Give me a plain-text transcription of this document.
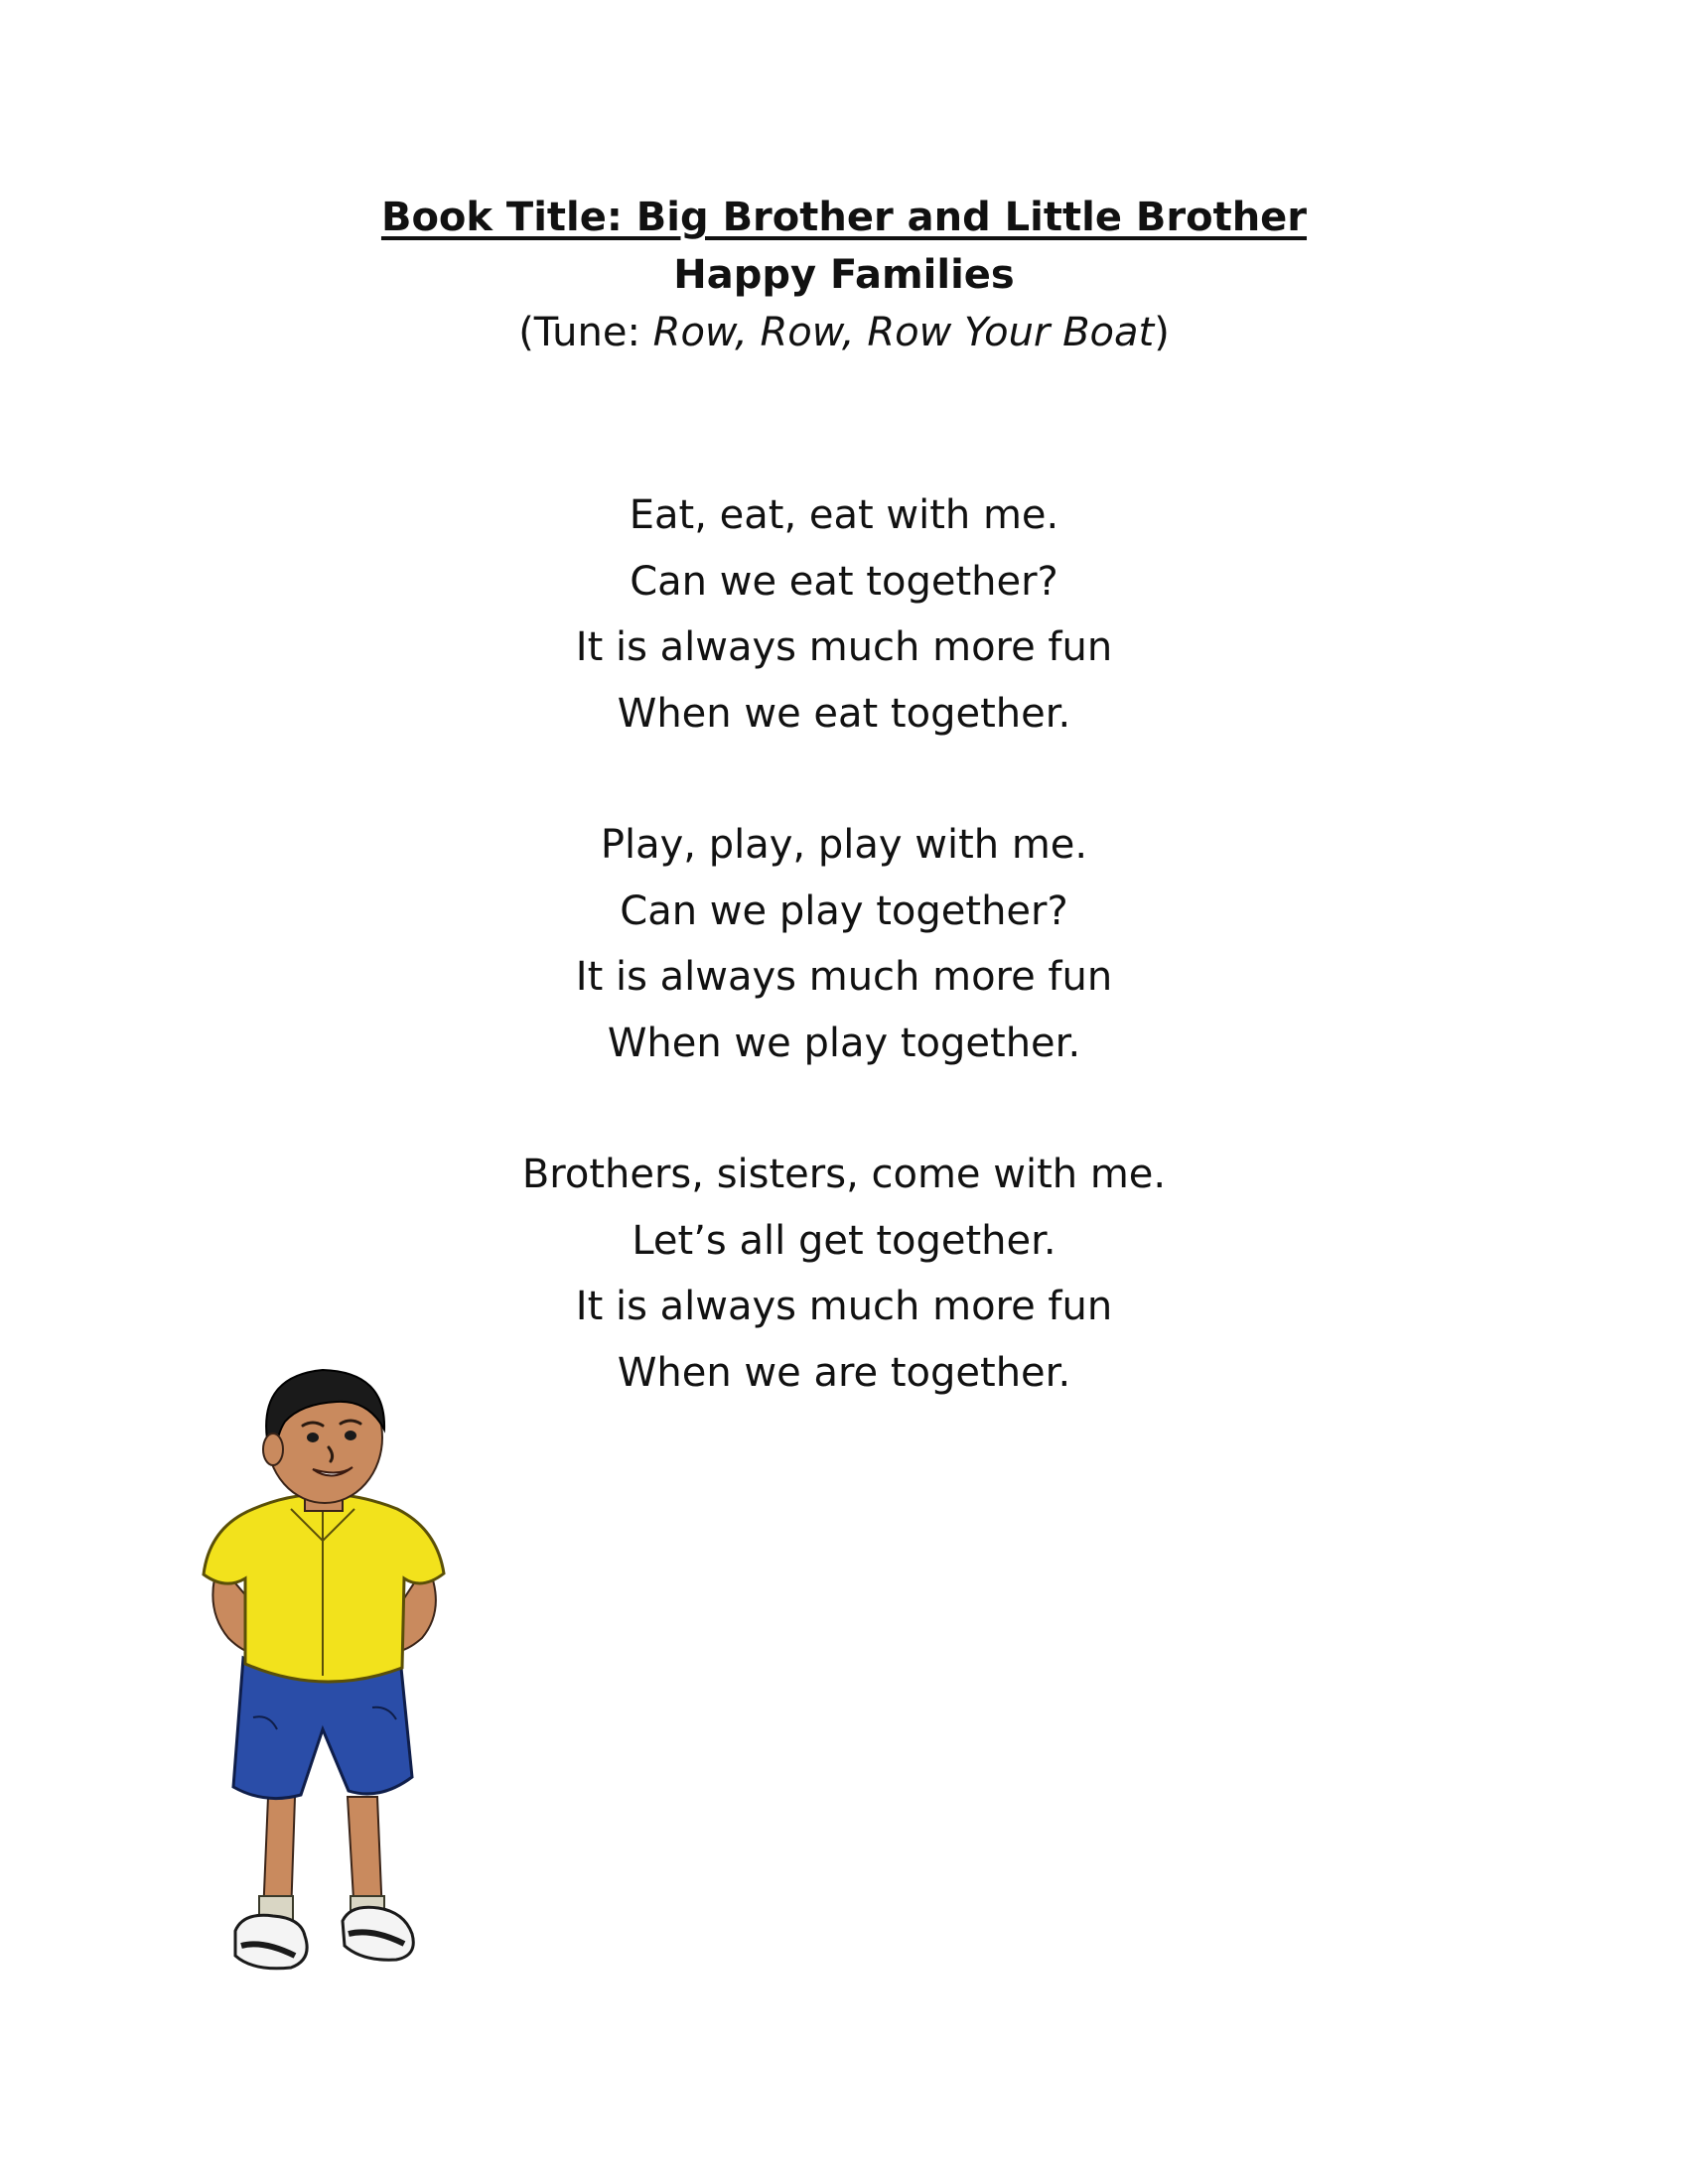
Book Title: Big Brother and Little Brother

Happy Families

(Tune: Row, Row, Row Your Boat)

Eat, eat, eat with me.

Can we eat together?

It is always much more fun

When we eat together.

Play, play, play with me.

Can we play together?

It is always much more fun

When we play together.

Brothers, sisters, come with me.

Let’s all get together.

It is always much more fun

When we are together.
